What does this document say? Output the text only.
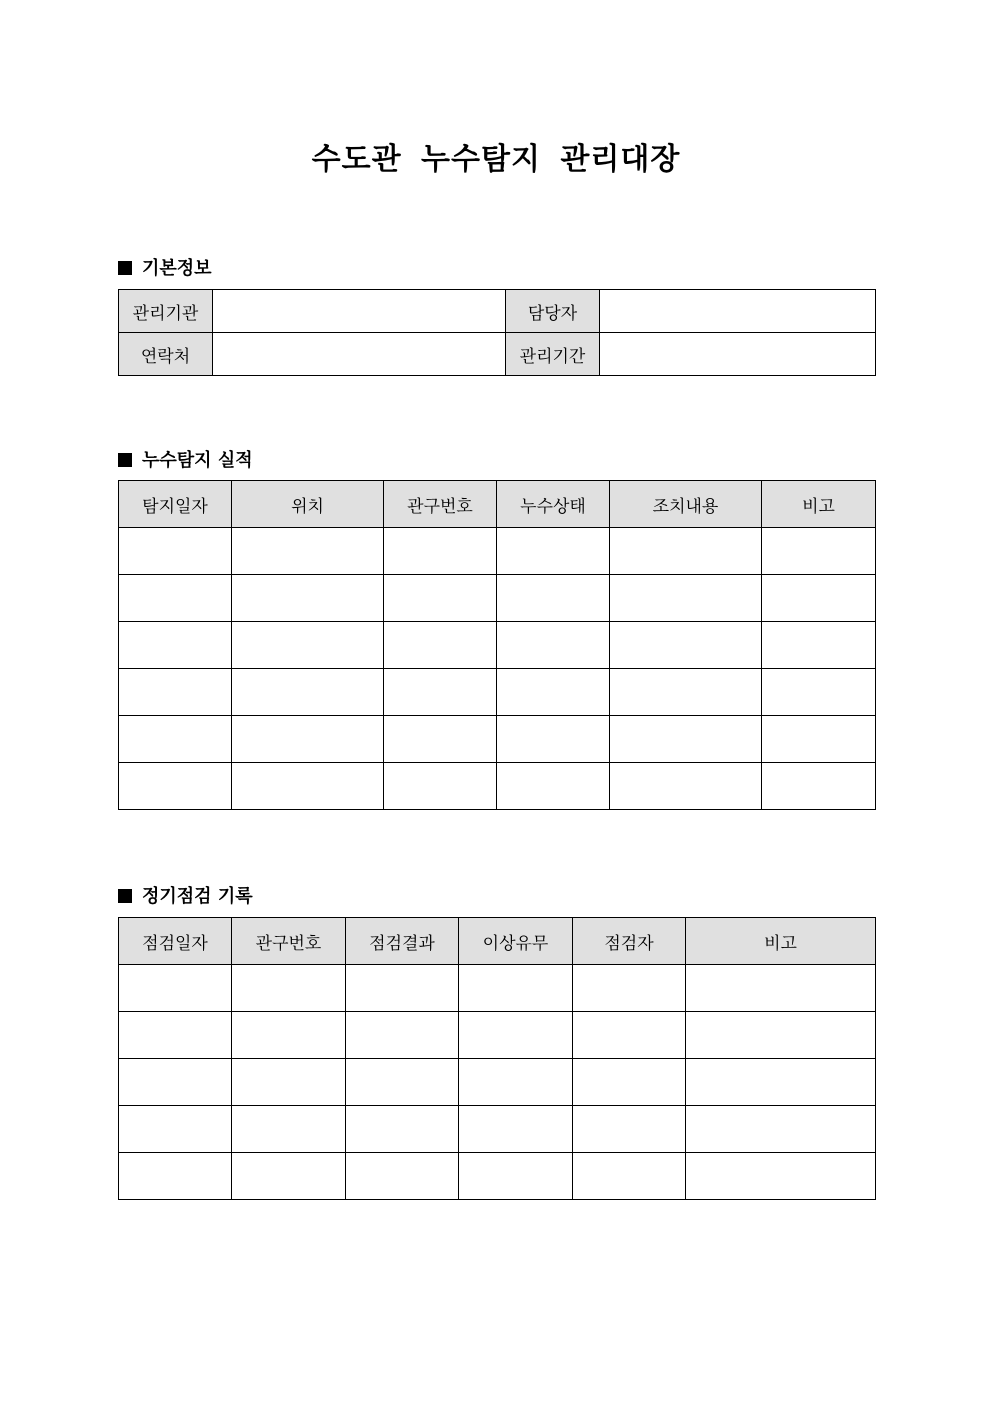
수도관 누수탐지 관리대장
기본정보
관리기관		담당자	
연락처		관리기간	
누수탐지 실적
탐지일자	위치	관구번호	누수상태	조치내용	비고

정기점검 기록
점검일자	관구번호	점검결과	이상유무	점검자	비고
